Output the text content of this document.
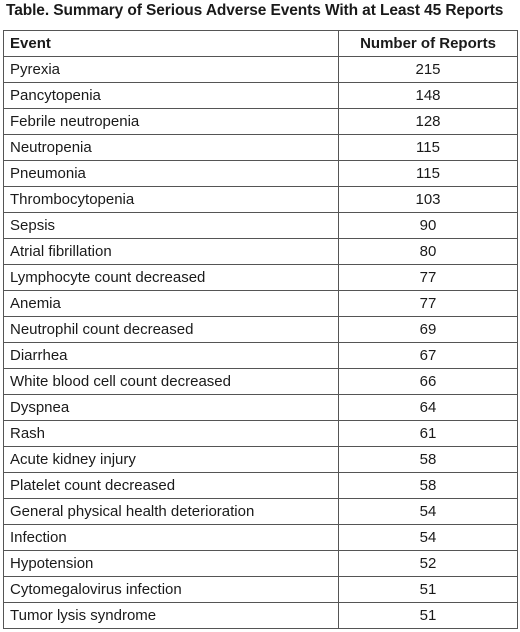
Table. Summary of Serious Adverse Events With at Least 45 Reports
Event	Number of Reports
Pyrexia	215
Pancytopenia	148
Febrile neutropenia	128
Neutropenia	115
Pneumonia	115
Thrombocytopenia	103
Sepsis	90
Atrial fibrillation	80
Lymphocyte count decreased	77
Anemia	77
Neutrophil count decreased	69
Diarrhea	67
White blood cell count decreased	66
Dyspnea	64
Rash	61
Acute kidney injury	58
Platelet count decreased	58
General physical health deterioration	54
Infection	54
Hypotension	52
Cytomegalovirus infection	51
Tumor lysis syndrome	51
